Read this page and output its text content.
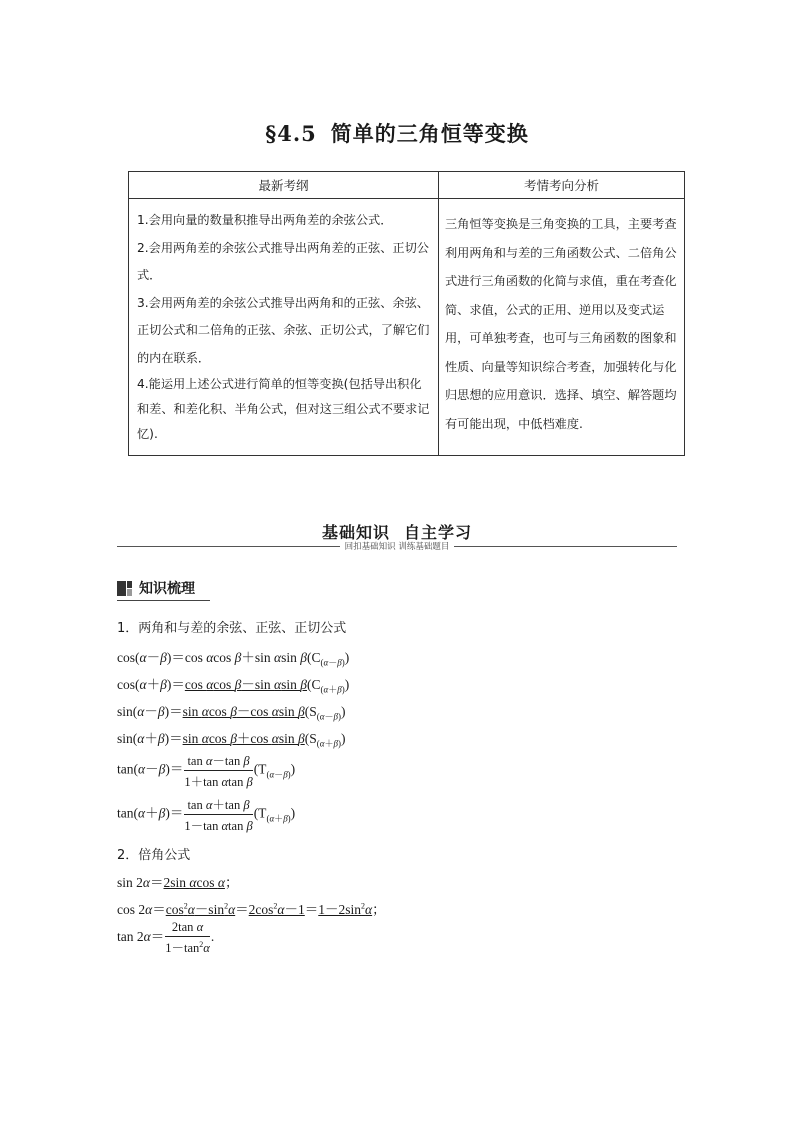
§4.5 简单的三角恒等变换
最新考纲	考情考向分析

1.会用向量的数量积推导出两角差的余弦公式．

2.会用两角差的余弦公式推导出两角差的正弦、正切公式．

3.会用两角差的余弦公式推导出两角和的正弦、余弦、正切公式和二倍角的正弦、余弦、正切公式，了解它们的内在联系．

4.能运用上述公式进行简单的恒等变换(包括导出积化和差、和差化积、半角公式，但对这三组公式不要求记忆).	三角恒等变换是三角变换的工具，主要考查利用两角和与差的三角函数公式、二倍角公式进行三角函数的化简与求值，重在考查化简、求值，公式的正用、逆用以及变式运用，可单独考查，也可与三角函数的图象和性质、向量等知识综合考查，加强转化与化归思想的应用意识．选择、填空、解答题均有可能出现，中低档难度.
基础知识 自主学习
回扣基础知识 训练基础题目
知识梳理
1．两角和与差的余弦、正弦、正切公式
cos(α－β)＝cos αcos β＋sin αsin $\beta(C_{(\alpha-\beta)})$
cos(α＋β)＝cos αcos β－sin αsin $\beta(C_{(\alpha+\beta)})$
sin(α－β)＝sin αcos β－cos αsin $\beta(S_{(\alpha-\beta)})$
sin(α＋β)＝sin αcos β＋cos αsin $\beta(S_{(\alpha+\beta)})$
$\tan(\alpha-\beta)= \frac{\text{tan α－tan β}}{\text{1＋tan αtan β}} (T_{(\alpha-\beta)})$
$\tan(\alpha+\beta)= \frac{\text{tan α＋tan β}}{\text{1－tan αtan β}} (T_{(\alpha+\beta)})$
2．倍角公式
sin 2α＝2sin αcos α；
$\cos 2\alpha=\cos^2\alpha-\sin^2\alpha=2\cos^2\alpha-1=1-2\sin^2\alpha$；
$\tan 2\alpha= \frac{\text{2tan α}}{1-\tan^2\alpha}$ .
